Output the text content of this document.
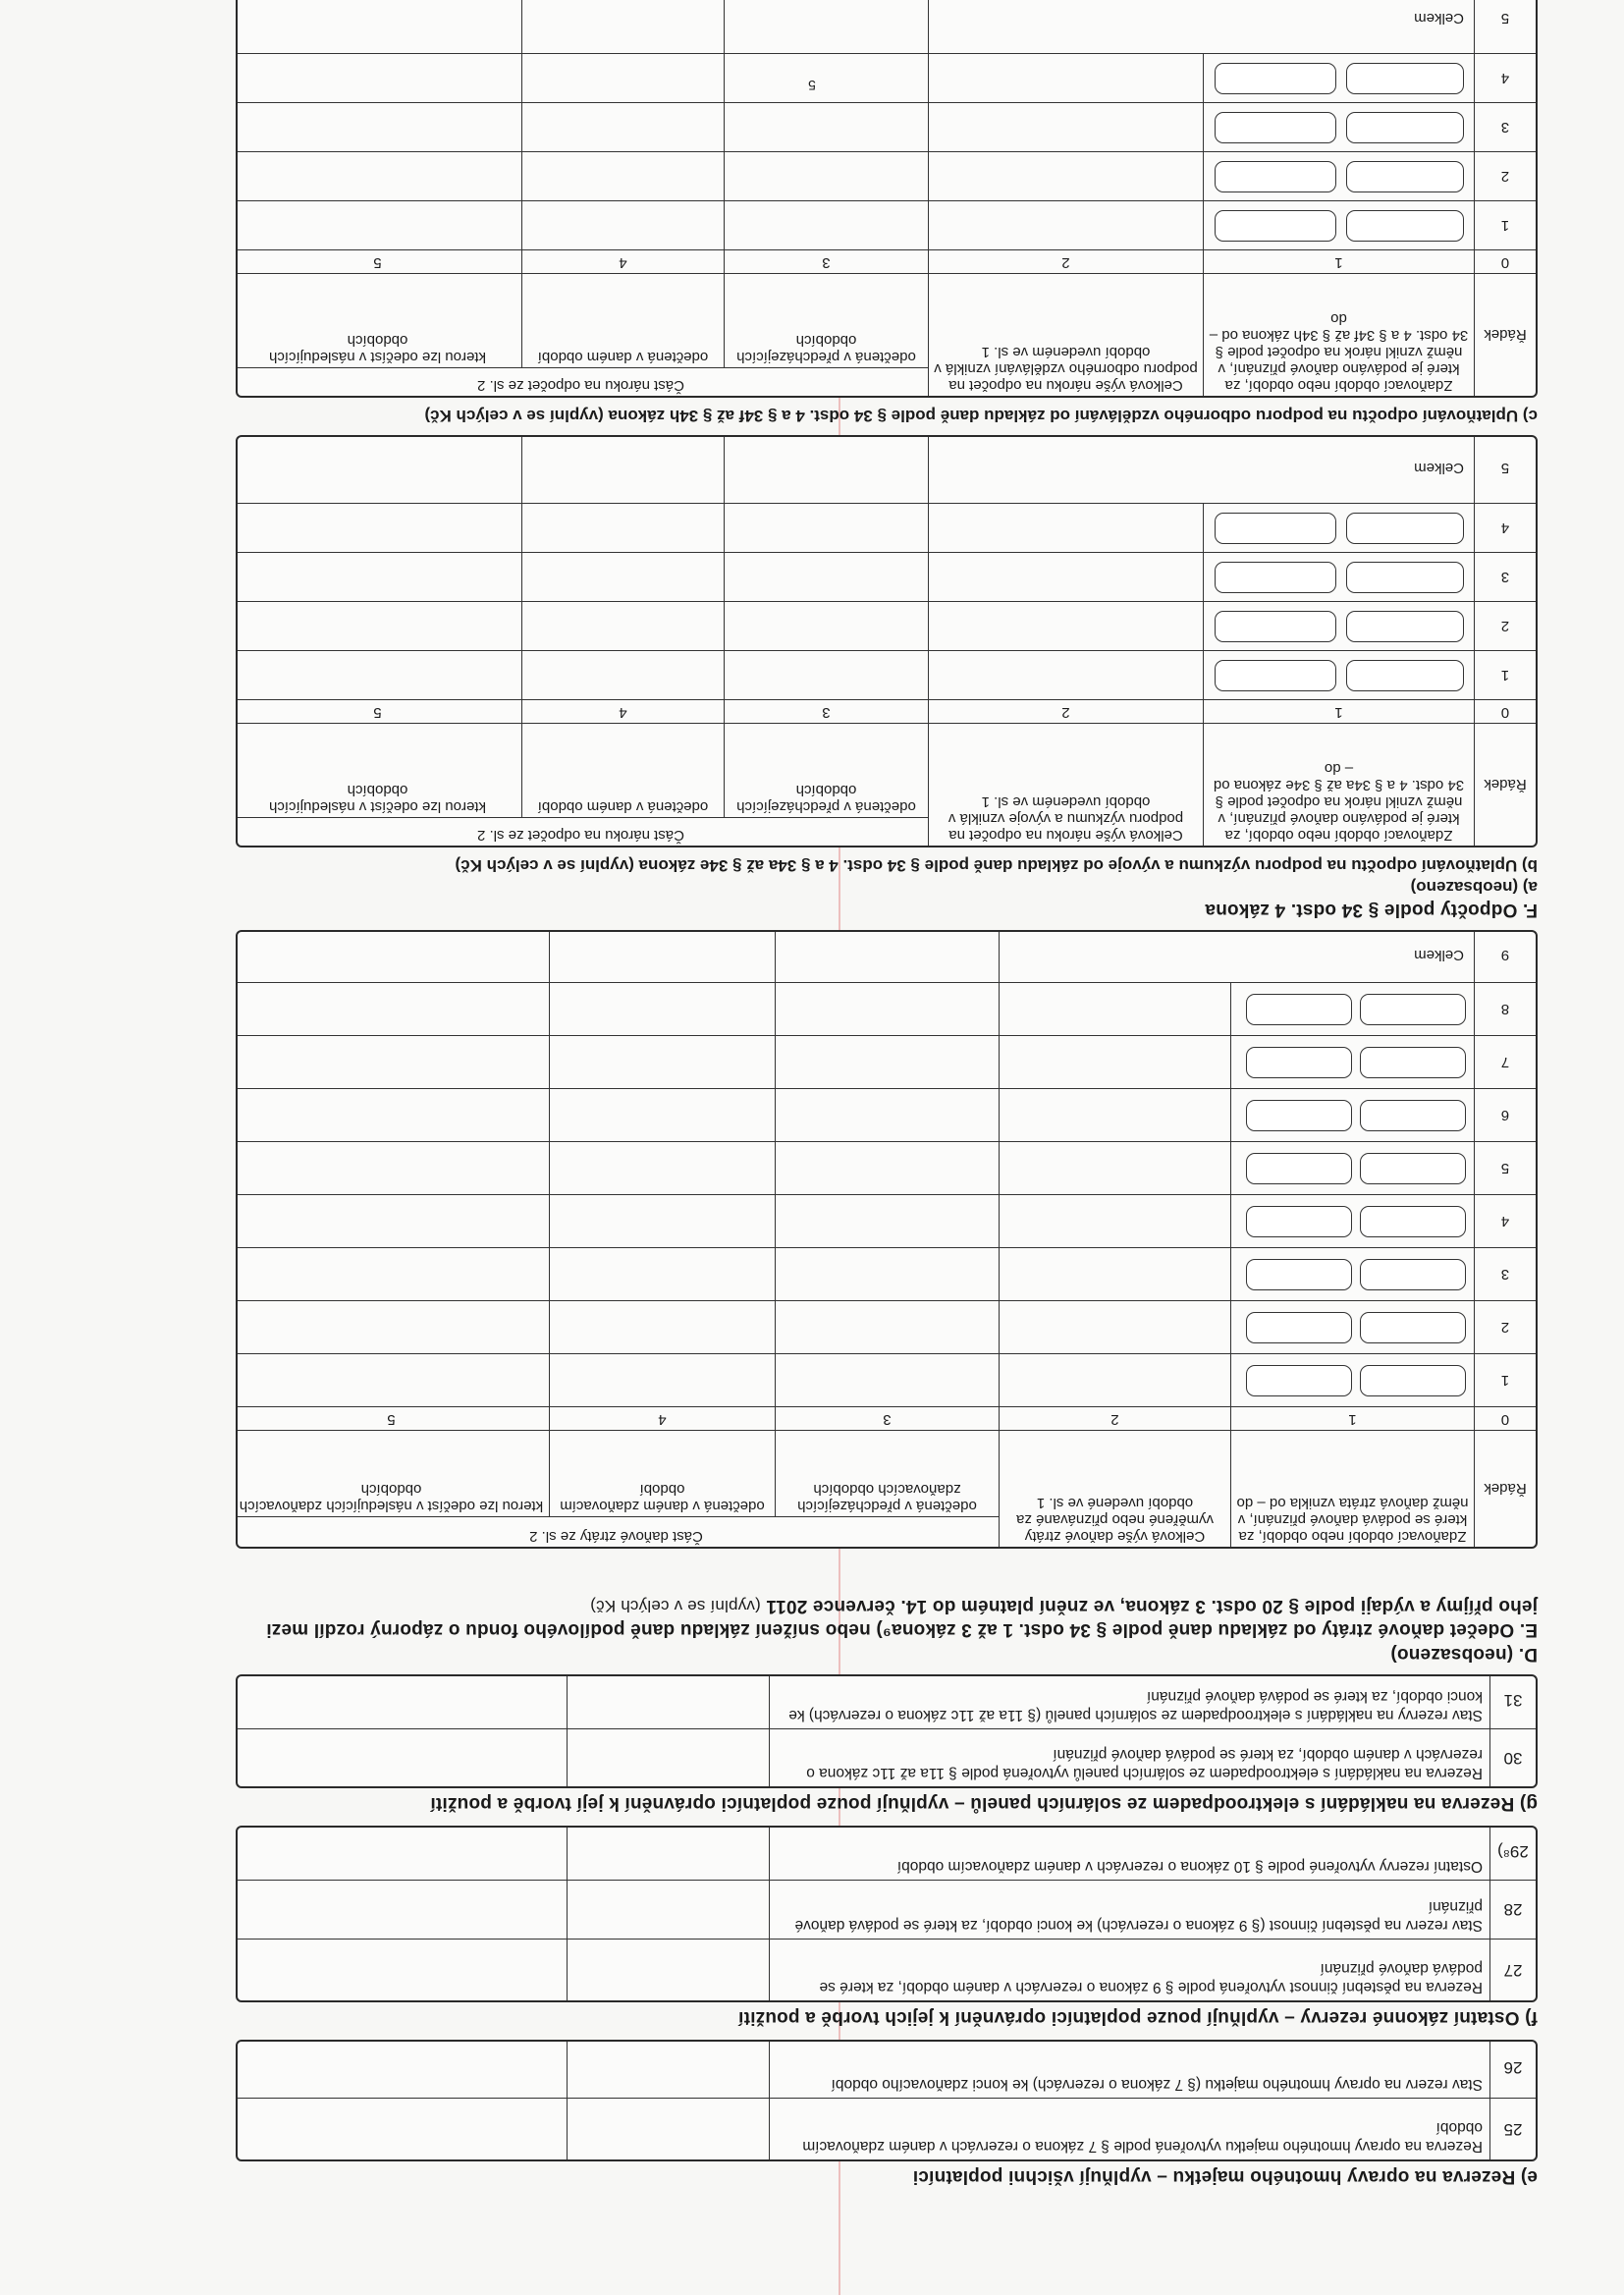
e) Rezerva na opravy hmotného majetku – vyplňují všichni poplatníci
25
Rezerva na opravy hmotného majetku vytvořená podle § 7 zákona o rezervách v daném zdaňovacím období
26
Stav rezerv na opravy hmotného majetku (§ 7 zákona o rezervách) ke konci zdaňovacího období
f) Ostatní zákonné rezervy – vyplňují pouze poplatníci oprávnění k jejich tvorbě a použití
27
Rezerva na pěstební činnost vytvořená podle § 9 zákona o rezervách v daném období, za které se podává daňové přiznání
28
Stav rezerv na pěstební činnost (§ 9 zákona o rezervách) ke konci období, za které se podává daňové přiznání
29⁸)
Ostatní rezervy vytvořené podle § 10 zákona o rezervách v daném zdaňovacím období
g) Rezerva na nakládání s elektroodpadem ze solárních panelů – vyplňují pouze poplatníci oprávnění k její tvorbě a použití
30
Rezerva na nakládání s elektroodpadem ze solárních panelů vytvořená podle § 11a až 11c zákona o rezervách v daném období, za které se podává daňové přiznání
31
Stav rezervy na nakládání s elektroodpadem ze solárních panelů (§ 11a až 11c zákona o rezervách) ke konci období, za které se podává daňové přiznání
D. (neobsazeno)
E. Odečet daňové ztráty od základu daně podle § 34 odst. 1 až 3 zákona⁹) nebo snížení základu daně podílového fondu o záporný rozdíl mezi jeho příjmy a výdaji podle § 20 odst. 3 zákona, ve znění platném do 14. července 2011 (vyplní se v celých Kč)
Řádek
Zdaňovací období nebo období, za které se podává daňové přiznání, v němž daňová ztráta vznikla od – do
Celková výše daňové ztráty vyměřené nebo přiznávané za období uvedené ve sl. 1
Část daňové ztráty ze sl. 2
odečtená v předcházejících zdaňovacích obdobích
odečtená v daném zdaňovacím období
kterou lze odečíst v následujících zdaňovacích obdobích
0
1
2
3
4
5
1
2
3
4
5
6
7
8
9
Celkem
F. Odpočty podle § 34 odst. 4 zákona
a) (neobsazeno)
b) Uplatňování odpočtu na podporu výzkumu a vývoje od základu daně podle § 34 odst. 4 a § 34a až § 34e zákona (vyplní se v celých Kč)
Řádek
Zdaňovací období nebo období, za které je podáváno daňové přiznání, v němž vznikl nárok na odpočet podle § 34 odst. 4 a § 34a až § 34e zákona od – do
Celková výše nároku na odpočet na podporu výzkumu a vývoje vzniklá v období uvedeném ve sl. 1
Část nároku na odpočet ze sl. 2
odečtená v předcházejících obdobích
odečtená v daném období
kterou lze odečíst v následujících obdobích
0
1
2
3
4
5
1
2
3
4
5
Celkem
c) Uplatňování odpočtu na podporu odborného vzdělávání od základu daně podle § 34 odst. 4 a § 34f až § 34h zákona (vyplní se v celých Kč)
Řádek
Zdaňovací období nebo období, za které je podáváno daňové přiznání, v němž vznikl nárok na odpočet podle § 34 odst. 4 a § 34f až § 34h zákona od – do
Celková výše nároku na odpočet na podporu odborného vzdělávání vzniklá v období uvedeném ve sl. 1
Část nároku na odpočet ze sl. 2
odečtená v předcházejících obdobích
odečtená v daném období
kterou lze odečíst v následujících obdobích
0
1
2
3
4
5
1
2
3
4
5
Celkem
5
